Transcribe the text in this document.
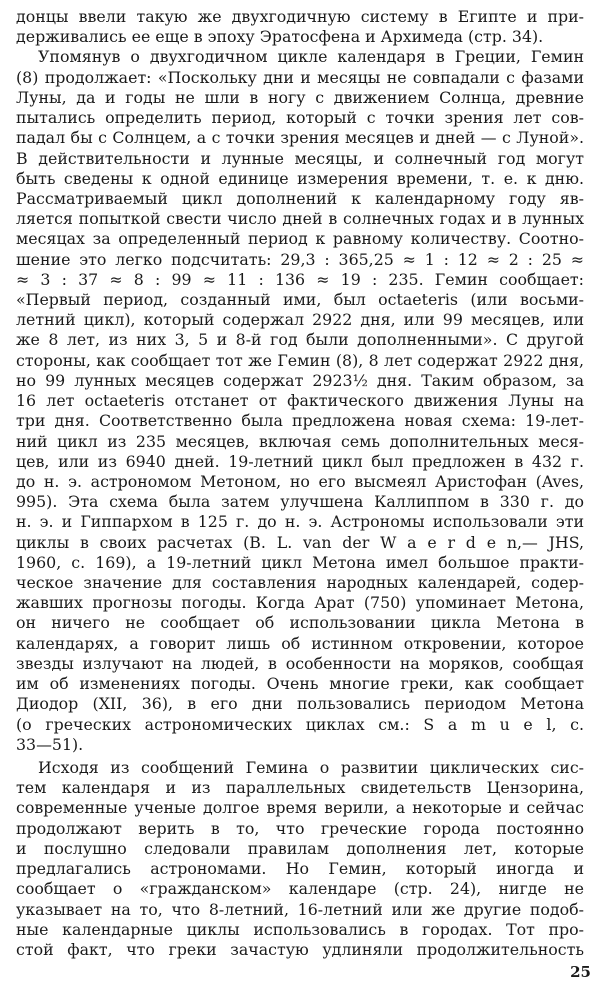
донцы ввели такую же двухгодичную систему в Египте и при-
держивались ее еще в эпоху Эратосфена и Архимеда (стр. 34).
Упомянув о двухгодичном цикле календаря в Греции, Гемин
(8) продолжает: «Поскольку дни и месяцы не совпадали с фазами
Луны, да и годы не шли в ногу с движением Солнца, древние
пытались определить период, который с точки зрения лет сов-
падал бы с Солнцем, а с точки зрения месяцев и дней — с Луной».
В действительности и лунные месяцы, и солнечный год могут
быть сведены к одной единице измерения времени, т. е. к дню.
Рассматриваемый цикл дополнений к календарному году яв-
ляется попыткой свести число дней в солнечных годах и в лунных
месяцах за определенный период к равному количеству. Соотно-
шение это легко подсчитать: 29,3 : 365,25 ≈ 1 : 12 ≈ 2 : 25 ≈
≈ 3 : 37 ≈ 8 : 99 ≈ 11 : 136 ≈ 19 : 235. Гемин сообщает:
«Первый период, созданный ими, был octaeteris (или восьми-
летний цикл), который содержал 2922 дня, или 99 месяцев, или
же 8 лет, из них 3, 5 и 8-й год были дополненными». С другой
стороны, как сообщает тот же Гемин (8), 8 лет содержат 2922 дня,
но 99 лунных месяцев содержат 2923½ дня. Таким образом, за
16 лет octaeteris отстанет от фактического движения Луны на
три дня. Соответственно была предложена новая схема: 19-лет-
ний цикл из 235 месяцев, включая семь дополнительных меся-
цев, или из 6940 дней. 19-летний цикл был предложен в 432 г.
до н. э. астрономом Метоном, но его высмеял Аристофан (Aves,
995). Эта схема была затем улучшена Каллиппом в 330 г. до
н. э. и Гиппархом в 125 г. до н. э. Астрономы использовали эти
циклы в своих расчетах (B. L. van der W a e r d e n,— JHS,
1960, с. 169), а 19-летний цикл Метона имел большое практи-
ческое значение для составления народных календарей, содер-
жавших прогнозы погоды. Когда Арат (750) упоминает Метона,
он ничего не сообщает об использовании цикла Метона в
календарях, а говорит лишь об истинном откровении, которое
звезды излучают на людей, в особенности на моряков, сообщая
им об изменениях погоды. Очень многие греки, как сообщает
Диодор (XII, 36), в его дни пользовались периодом Метона
(о греческих астрономических циклах см.: S a m u e l, с.
33—51).
Исходя из сообщений Гемина о развитии циклических сис-
тем календаря и из параллельных свидетельств Цензорина,
современные ученые долгое время верили, а некоторые и сейчас
продолжают верить в то, что греческие города постоянно
и послушно следовали правилам дополнения лет, которые
предлагались астрономами. Но Гемин, который иногда и
сообщает о «гражданском» календаре (стр. 24), нигде не
указывает на то, что 8-летний, 16-летний или же другие подоб-
ные календарные циклы использовались в городах. Тот про-
стой факт, что греки зачастую удлиняли продолжительность
25
